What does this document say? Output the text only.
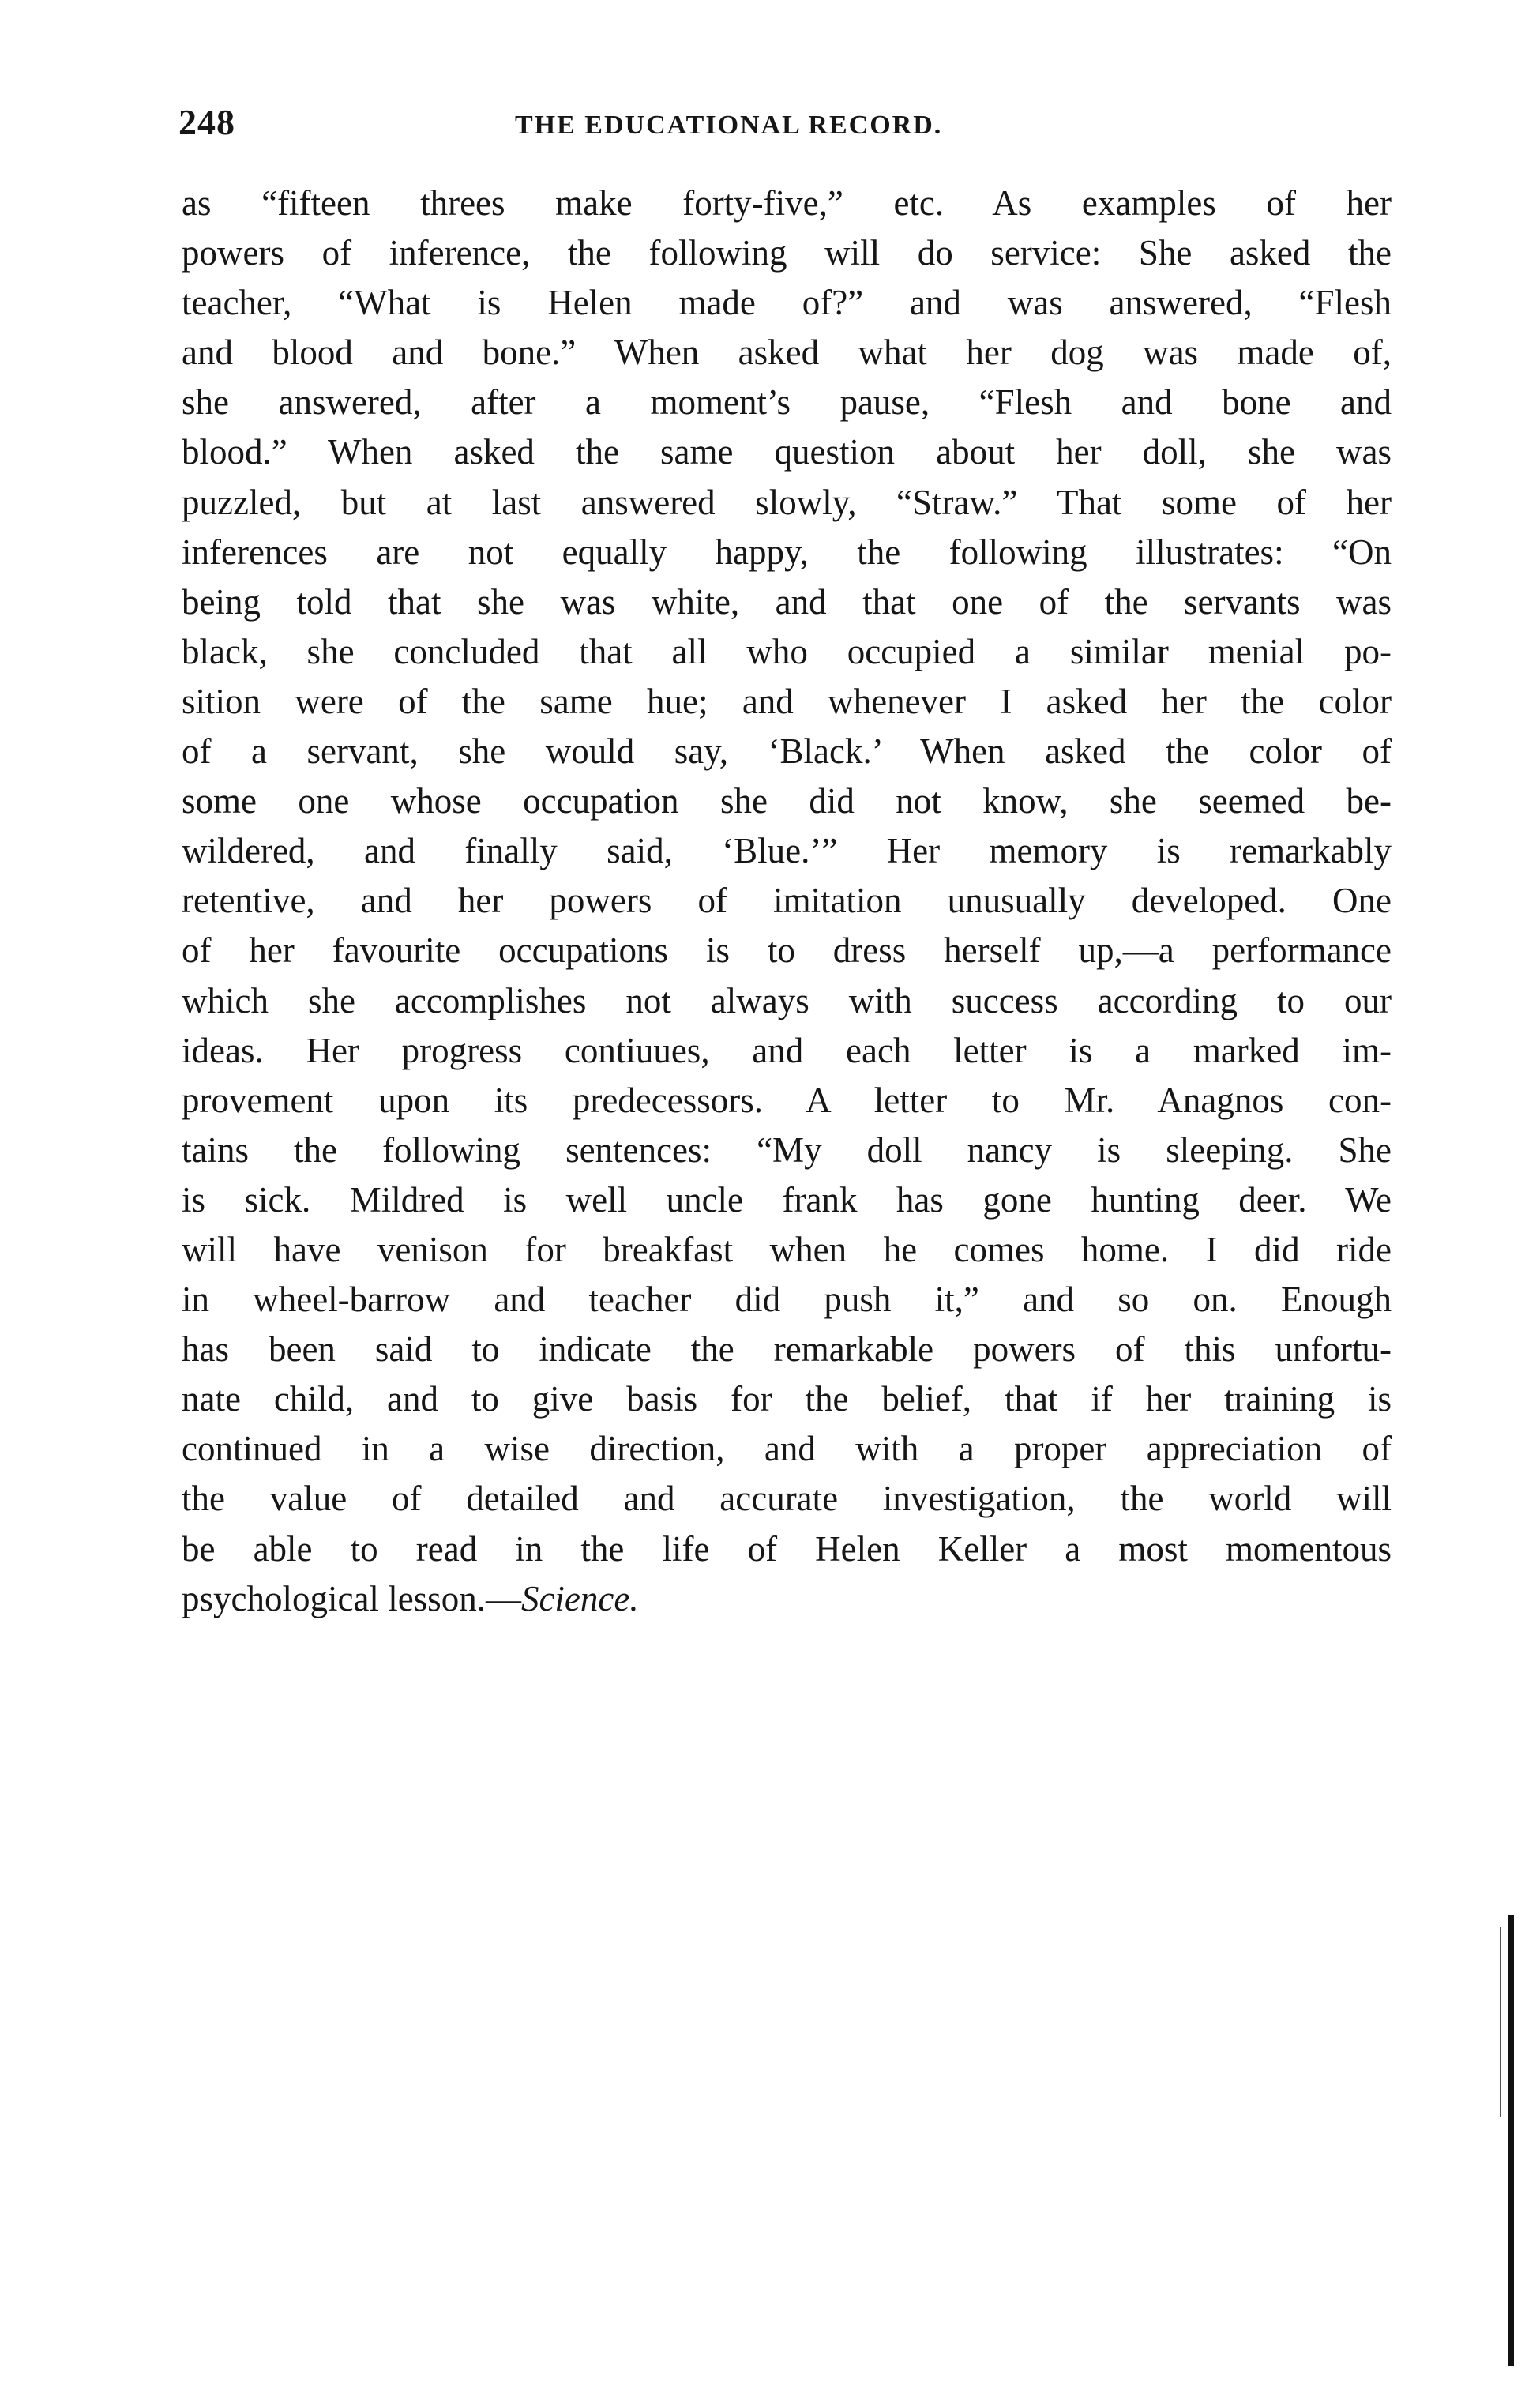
248	THE EDUCATIONAL RECORD.
as “fifteen threes make forty-five,” etc. As examples of her
powers of inference, the following will do service: She asked the
teacher, “What is Helen made of?” and was answered, “Flesh
and blood and bone.” When asked what her dog was made of,
she answered, after a moment’s pause, “Flesh and bone and
blood.” When asked the same question about her doll, she was
puzzled, but at last answered slowly, “Straw.” That some of her
inferences are not equally happy, the following illustrates: “On
being told that she was white, and that one of the servants was
black, she concluded that all who occupied a similar menial po-
sition were of the same hue; and whenever I asked her the color
of a servant, she would say, ‘Black.’ When asked the color of
some one whose occupation she did not know, she seemed be-
wildered, and finally said, ‘Blue.’” Her memory is remarkably
retentive, and her powers of imitation unusually developed. One
of her favourite occupations is to dress herself up,—a performance
which she accomplishes not always with success according to our
ideas. Her progress contiuues, and each letter is a marked im-
provement upon its predecessors. A letter to Mr. Anagnos con-
tains the following sentences: “My doll nancy is sleeping. She
is sick. Mildred is well uncle frank has gone hunting deer. We
will have venison for breakfast when he comes home. I did ride
in wheel-barrow and teacher did push it,” and so on. Enough
has been said to indicate the remarkable powers of this unfortu-
nate child, and to give basis for the belief, that if her training is
continued in a wise direction, and with a proper appreciation of
the value of detailed and accurate investigation, the world will
be able to read in the life of Helen Keller a most momentous
psychological lesson.—Science.
